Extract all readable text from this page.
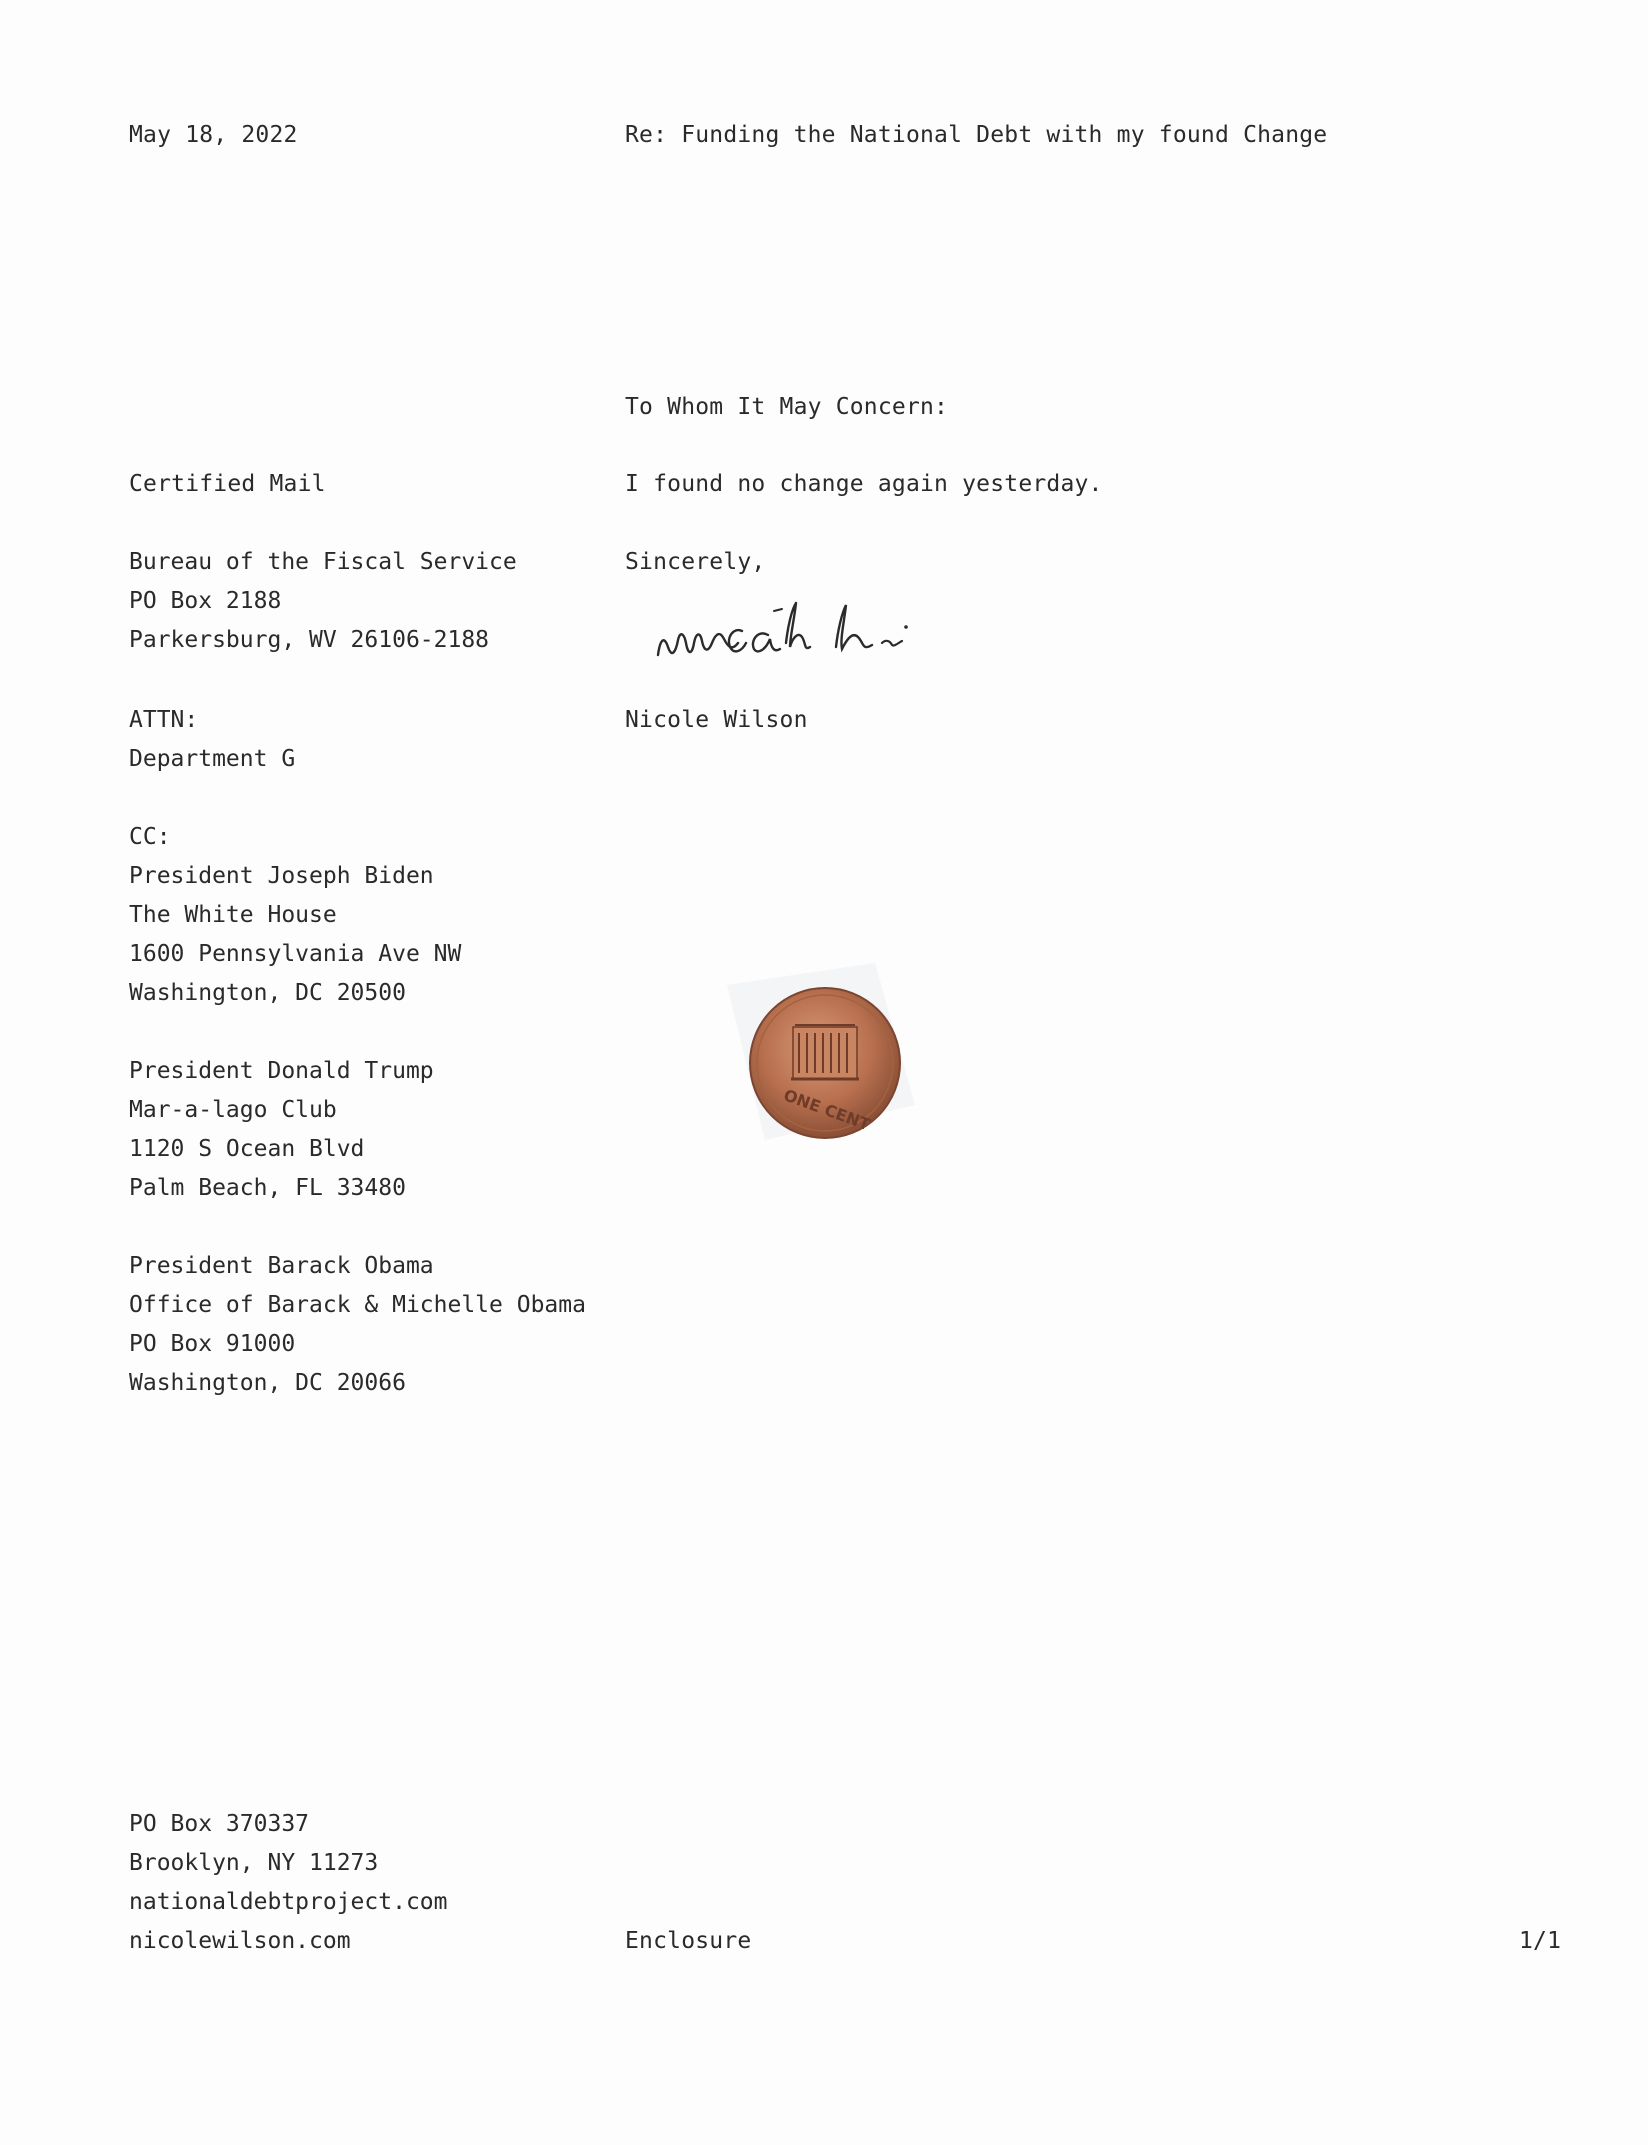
May 18, 2022	Re: Funding the National Debt with my found Change
To Whom It May Concern:
I found no change again yesterday.
Sincerely,
Nicole Wilson
Certified Mail
Bureau of the Fiscal Service
PO Box 2188
Parkersburg, WV 26106-2188
ATTN:
Department G
CC:
President Joseph Biden
The White House
1600 Pennsylvania Ave NW
Washington, DC 20500
President Donald Trump
Mar-a-lago Club
1120 S Ocean Blvd
Palm Beach, FL 33480
President Barack Obama
Office of Barack & Michelle Obama
PO Box 91000
Washington, DC 20066
ONE CENT
PO Box 370337
Brooklyn, NY 11273
nationaldebtproject.com
nicolewilson.com	Enclosure	1/1
